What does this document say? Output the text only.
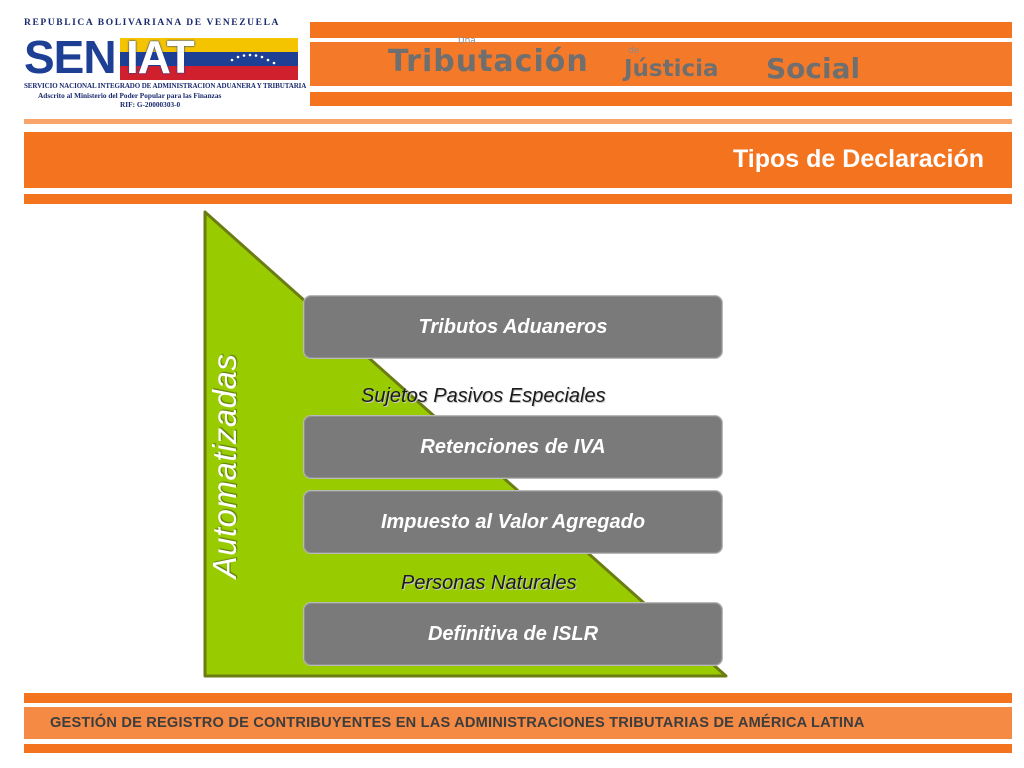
REPUBLICA BOLIVARIANA DE VENEZUELA
SEN IAT
SERVICIO NACIONAL INTEGRADO DE ADMINISTRACION ADUANERA Y TRIBUTARIA
Adscrito al Ministerio del Poder Popular para las Finanzas
RIF: G-20000303-0
Una
Tributación	de
Jústicia Social
Tipos de Declaración
Automatizadas
Tributos Aduaneros
Sujetos Pasivos Especiales
Retenciones de IVA
Impuesto al Valor Agregado
Personas Naturales
Definitiva de ISLR
GESTIÓN DE REGISTRO DE CONTRIBUYENTES EN LAS ADMINISTRACIONES TRIBUTARIAS DE AMÉRICA LATINA
